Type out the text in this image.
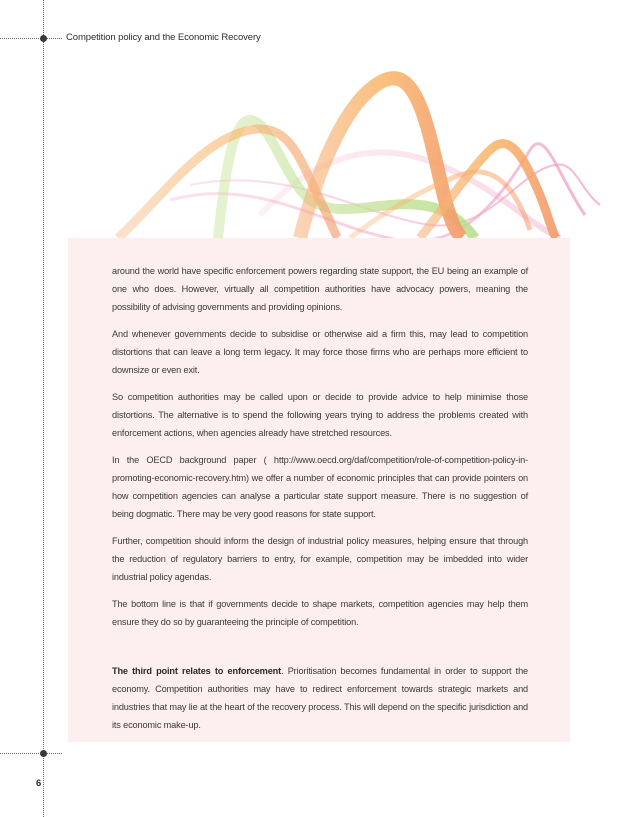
Competition policy and the Economic Recovery

around the world have specific enforcement powers regarding state support, the EU being an example of one who does. However, virtually all competition authorities have advocacy powers, meaning the possibility of advising governments and providing opinions.

And whenever governments decide to subsidise or otherwise aid a firm this, may lead to competition distortions that can leave a long term legacy. It may force those firms who are perhaps more efficient to downsize or even exit.

So competition authorities may be called upon or decide to provide advice to help minimise those distortions. The alternative is to spend the following years trying to address the problems created with enforcement actions, when agencies already have stretched resources.

In the OECD background paper ( http://www.oecd.org/daf/competition/role-of-competition-policy-in-promoting-economic-recovery.htm) we offer a number of economic principles that can provide pointers on how competition agencies can analyse a particular state support measure. There is no suggestion of being dogmatic. There may be very good reasons for state support.

Further, competition should inform the design of industrial policy measures, helping ensure that through the reduction of regulatory barriers to entry, for example, competition may be imbedded into wider industrial policy agendas.

The bottom line is that if governments decide to shape markets, competition agencies may help them ensure they do so by guaranteeing the principle of competition.

The third point relates to enforcement. Prioritisation becomes fundamental in order to support the economy. Competition authorities may have to redirect enforcement towards strategic markets and industries that may lie at the heart of the recovery process. This will depend on the specific jurisdiction and its economic make-up.

6
